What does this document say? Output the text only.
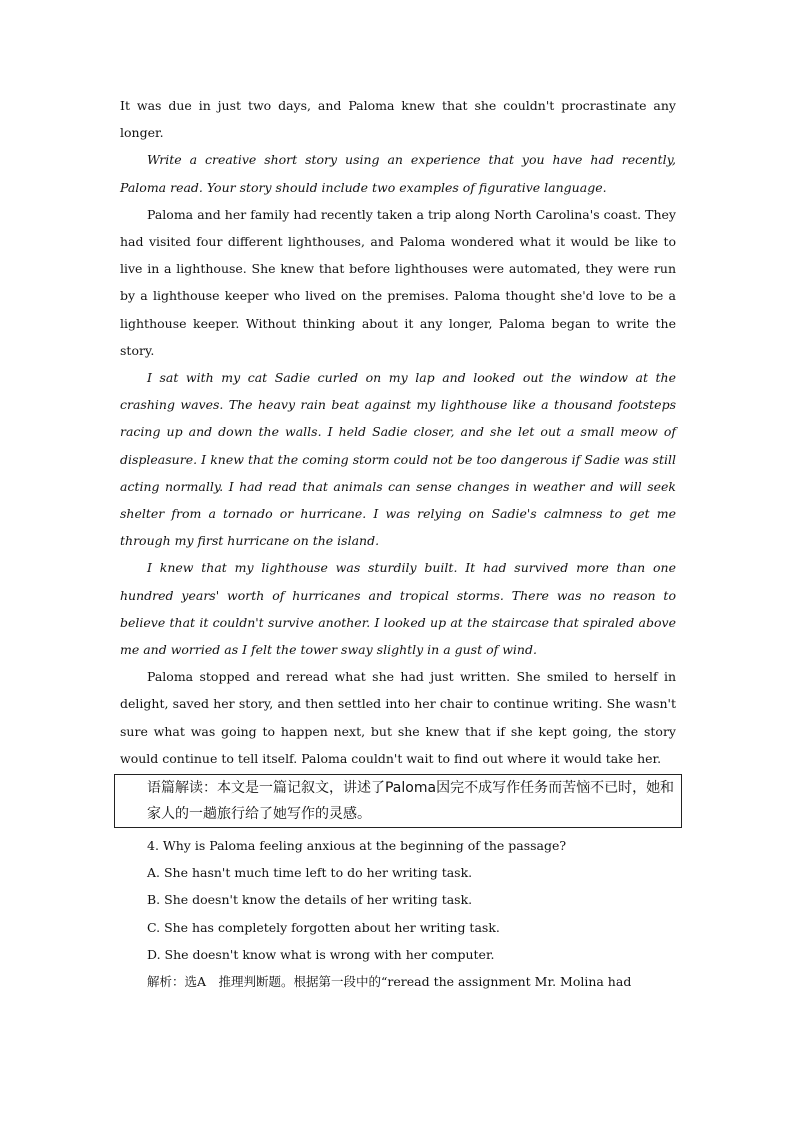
It was due in just two days, and Paloma knew that she couldn't procrastinate any longer.

Write a creative short story using an experience that you have had recently, Paloma read. Your story should include two examples of figurative language.

Paloma and her family had recently taken a trip along North Carolina's coast. They had visited four different lighthouses, and Paloma wondered what it would be like to live in a lighthouse. She knew that before lighthouses were automated, they were run by a lighthouse keeper who lived on the premises. Paloma thought she'd love to be a lighthouse keeper. Without thinking about it any longer, Paloma began to write the story.

I sat with my cat Sadie curled on my lap and looked out the window at the crashing waves. The heavy rain beat against my lighthouse like a thousand footsteps racing up and down the walls. I held Sadie closer, and she let out a small meow of displeasure. I knew that the coming storm could not be too dangerous if Sadie was still acting normally. I had read that animals can sense changes in weather and will seek shelter from a tornado or hurricane. I was relying on Sadie's calmness to get me through my first hurricane on the island.

I knew that my lighthouse was sturdily built. It had survived more than one hundred years' worth of hurricanes and tropical storms. There was no reason to believe that it couldn't survive another. I looked up at the staircase that spiraled above me and worried as I felt the tower sway slightly in a gust of wind.

Paloma stopped and reread what she had just written. She smiled to herself in delight, saved her story, and then settled into her chair to continue writing. She wasn't sure what was going to happen next, but she knew that if she kept going, the story would continue to tell itself. Paloma couldn't wait to find out where it would take her.

语篇解读：本文是一篇记叙文，讲述了Paloma因完不成写作任务而苦恼不已时，她和家人的一趟旅行给了她写作的灵感。

4. Why is Paloma feeling anxious at the beginning of the passage?

A. She hasn't much time left to do her writing task.

B. She doesn't know the details of her writing task.

C. She has completely forgotten about her writing task.

D. She doesn't know what is wrong with her computer.

解析：选A　推理判断题。根据第一段中的“reread the assignment Mr. Molina had
